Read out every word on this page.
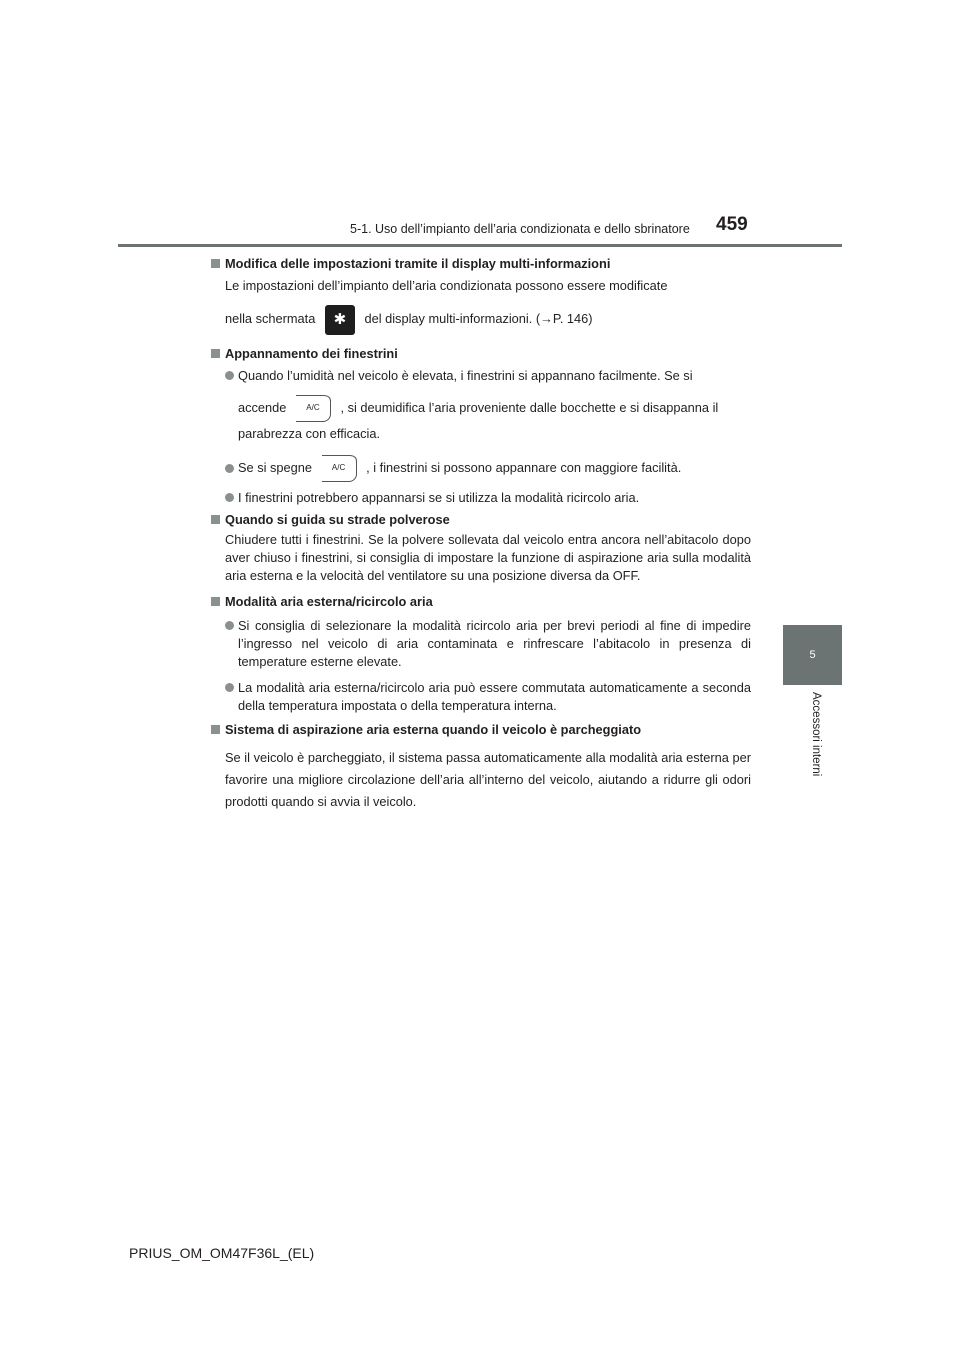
5-1. Uso dell’impianto dell’aria condizionata e dello sbrinatore 459
5
Accessori interni

Modifica delle impostazioni tramite il display multi-informazioni

Le impostazioni dell’impianto dell’aria condizionata possono essere modificate

nella schermata ✱ del display multi-informazioni. (→P. 146)

Appannamento dei finestrini

Quando l’umidità nel veicolo è elevata, i finestrini si appannano facilmente. Se si

accende A/C , si deumidifica l’aria proveniente dalle bocchette e si disappanna il

parabrezza con efficacia.

Se si spegne A/C , i finestrini si possono appannare con maggiore facilità.

I finestrini potrebbero appannarsi se si utilizza la modalità ricircolo aria.

Quando si guida su strade polverose

Chiudere tutti i finestrini. Se la polvere sollevata dal veicolo entra ancora nell’abitacolo dopo aver chiuso i finestrini, si consiglia di impostare la funzione di aspirazione aria sulla modalità aria esterna e la velocità del ventilatore su una posizione diversa da OFF.

Modalità aria esterna/ricircolo aria

Si consiglia di selezionare la modalità ricircolo aria per brevi periodi al fine di impedire l’ingresso nel veicolo di aria contaminata e rinfrescare l’abitacolo in presenza di temperature esterne elevate.

La modalità aria esterna/ricircolo aria può essere commutata automaticamente a seconda della temperatura impostata o della temperatura interna.

Sistema di aspirazione aria esterna quando il veicolo è parcheggiato

Se il veicolo è parcheggiato, il sistema passa automaticamente alla modalità aria esterna per favorire una migliore circolazione dell’aria all’interno del veicolo, aiutando a ridurre gli odori prodotti quando si avvia il veicolo.

PRIUS_OM_OM47F36L_(EL)
